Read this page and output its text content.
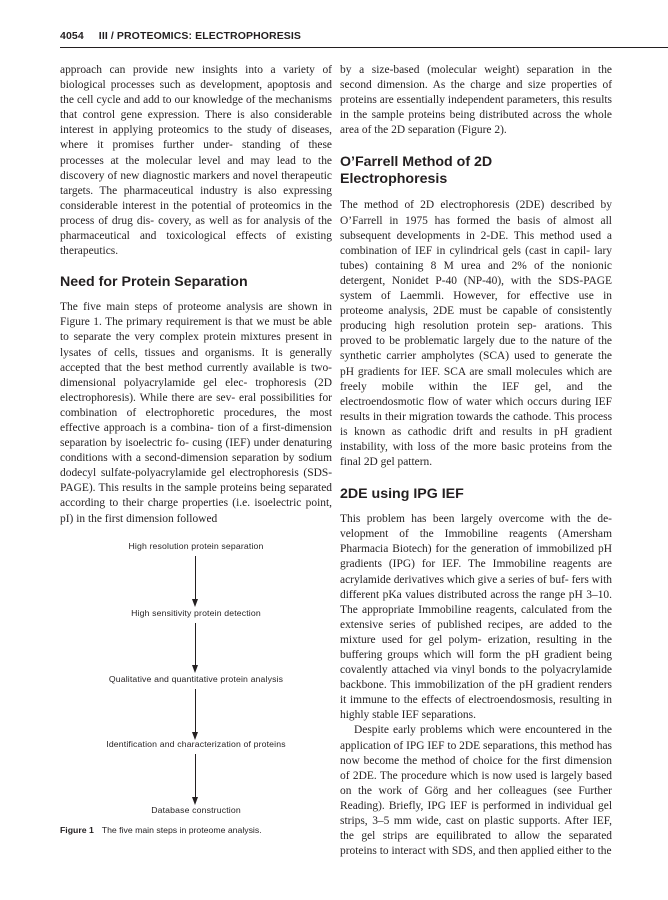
4054 III / PROTEOMICS: ELECTROPHORESIS

approach can provide new insights into a variety of biological processes such as development, apoptosis and the cell cycle and add to our knowledge of the mechanisms that control gene expression. There is also considerable interest in applying proteomics to the study of diseases, where it promises further under- standing of these processes at the molecular level and may lead to the discovery of new diagnostic markers and novel therapeutic targets. The pharmaceutical industry is also expressing considerable interest in the potential of proteomics in the process of drug dis- covery, as well as for analysis of the pharmaceutical and toxicological effects of existing therapeutics.

Need for Protein Separation

The five main steps of proteome analysis are shown in Figure 1. The primary requirement is that we must be able to separate the very complex protein mixtures present in lysates of cells, tissues and organisms. It is generally accepted that the best method currently available is two-dimensional polyacrylamide gel elec- trophoresis (2D electrophoresis). While there are sev- eral possibilities for combination of electrophoretic procedures, the most effective approach is a combina- tion of a first-dimension separation by isoelectric fo- cusing (IEF) under denaturing conditions with a second-dimension separation by sodium dodecyl sulfate-polyacrylamide gel electrophoresis (SDS- PAGE). This results in the sample proteins being separated according to their charge properties (i.e. isoelectric point, pI) in the first dimension followed

High resolution protein separation
High sensitivity protein detection
Qualitative and quantitative protein analysis
Identification and characterization of proteins
Database construction
Figure 1 The five main steps in proteome analysis.

by a size-based (molecular weight) separation in the second dimension. As the charge and size properties of proteins are essentially independent parameters, this results in the sample proteins being distributed across the whole area of the 2D separation (Figure 2).

O’Farrell Method of 2D
Electrophoresis

The method of 2D electrophoresis (2DE) described by O’Farrell in 1975 has formed the basis of almost all subsequent developments in 2-DE. This method used a combination of IEF in cylindrical gels (cast in capil- lary tubes) containing 8 M urea and 2% of the nonionic detergent, Nonidet P-40 (NP-40), with the SDS-PAGE system of Laemmli. However, for effective use in proteome analysis, 2DE must be capable of consistently producing high resolution protein sep- arations. This proved to be problematic largely due to the nature of the synthetic carrier ampholytes (SCA) used to generate the pH gradients for IEF. SCA are small molecules which are freely mobile within the IEF gel, and the electroendosmotic flow of water which occurs during IEF results in their migration towards the cathode. This process is known as cathodic drift and results in pH gradient instability, with loss of the more basic proteins from the final 2D gel pattern.

2DE using IPG IEF

This problem has been largely overcome with the de- velopment of the Immobiline reagents (Amersham Pharmacia Biotech) for the generation of immobilized pH gradients (IPG) for IEF. The Immobiline reagents are acrylamide derivatives which give a series of buf- fers with different pKa values distributed across the range pH 3–10. The appropriate Immobiline reagents, calculated from the extensive series of published recipes, are added to the mixture used for gel polym- erization, resulting in the buffering groups which will form the pH gradient being covalently attached via vinyl bonds to the polyacrylamide backbone. This immobilization of the pH gradient renders it immune to the effects of electroendosmosis, resulting in highly stable IEF separations.

Despite early problems which were encountered in the application of IPG IEF to 2DE separations, this method has now become the method of choice for the first dimension of 2DE. The procedure which is now used is largely based on the work of Görg and her colleagues (see Further Reading). Briefly, IPG IEF is performed in individual gel strips, 3–5 mm wide, cast on plastic supports. After IEF, the gel strips are equilibrated to allow the separated proteins to interact with SDS, and then applied either to the
